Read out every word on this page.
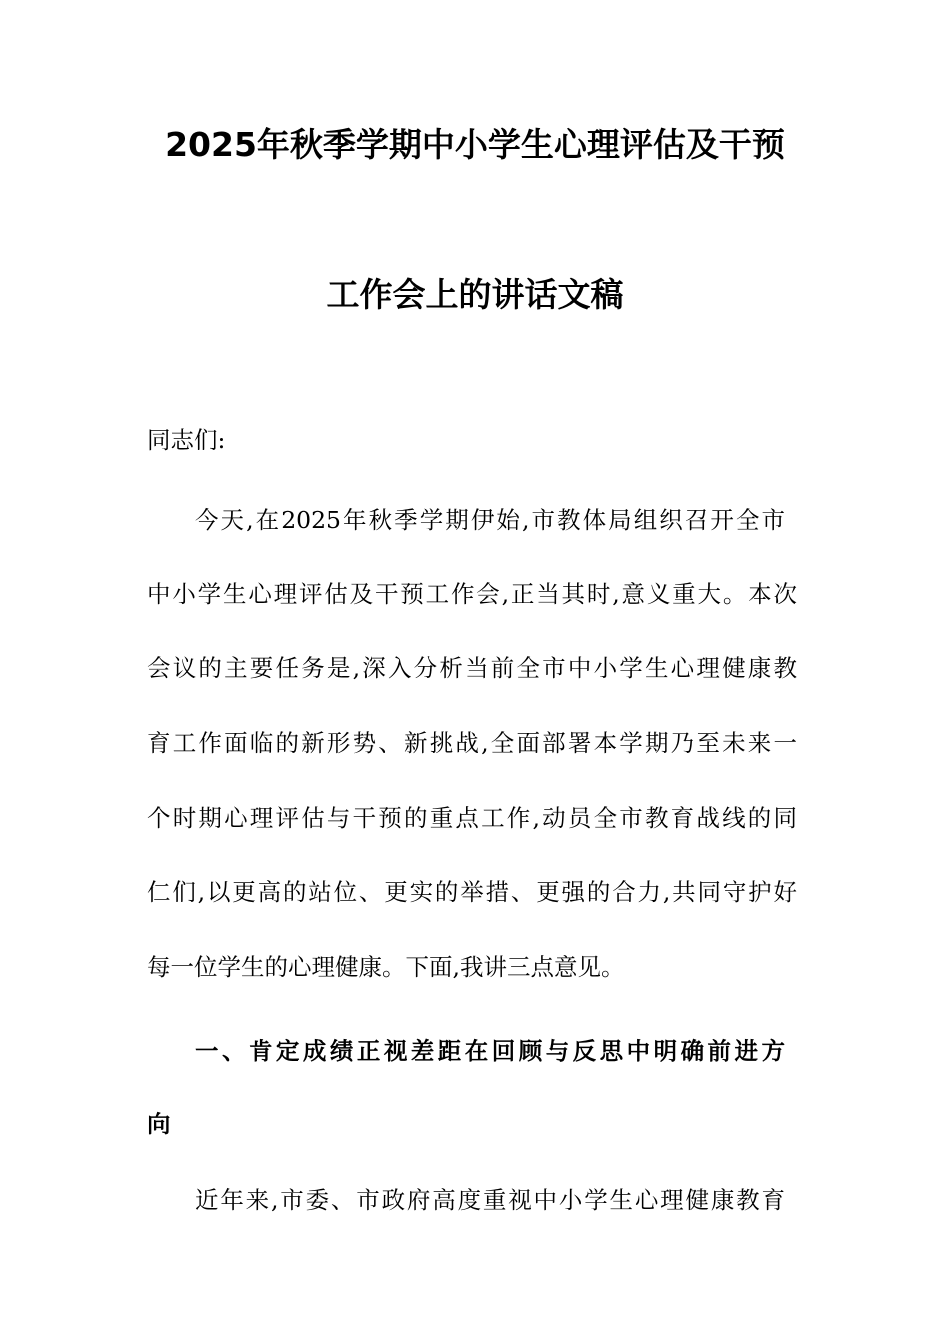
2025年秋季学期中小学生心理评估及干预
工作会上的讲话文稿
同志们:
今天,在2025年秋季学期伊始,市教体局组织召开全市
中小学生心理评估及干预工作会,正当其时,意义重大。本次
会议的主要任务是,深入分析当前全市中小学生心理健康教
育工作面临的新形势、新挑战,全面部署本学期乃至未来一
个时期心理评估与干预的重点工作,动员全市教育战线的同
仁们,以更高的站位、更实的举措、更强的合力,共同守护好
每一位学生的心理健康。下面,我讲三点意见。
一、肯定成绩正视差距在回顾与反思中明确前进方
向
近年来,市委、市政府高度重视中小学生心理健康教育
